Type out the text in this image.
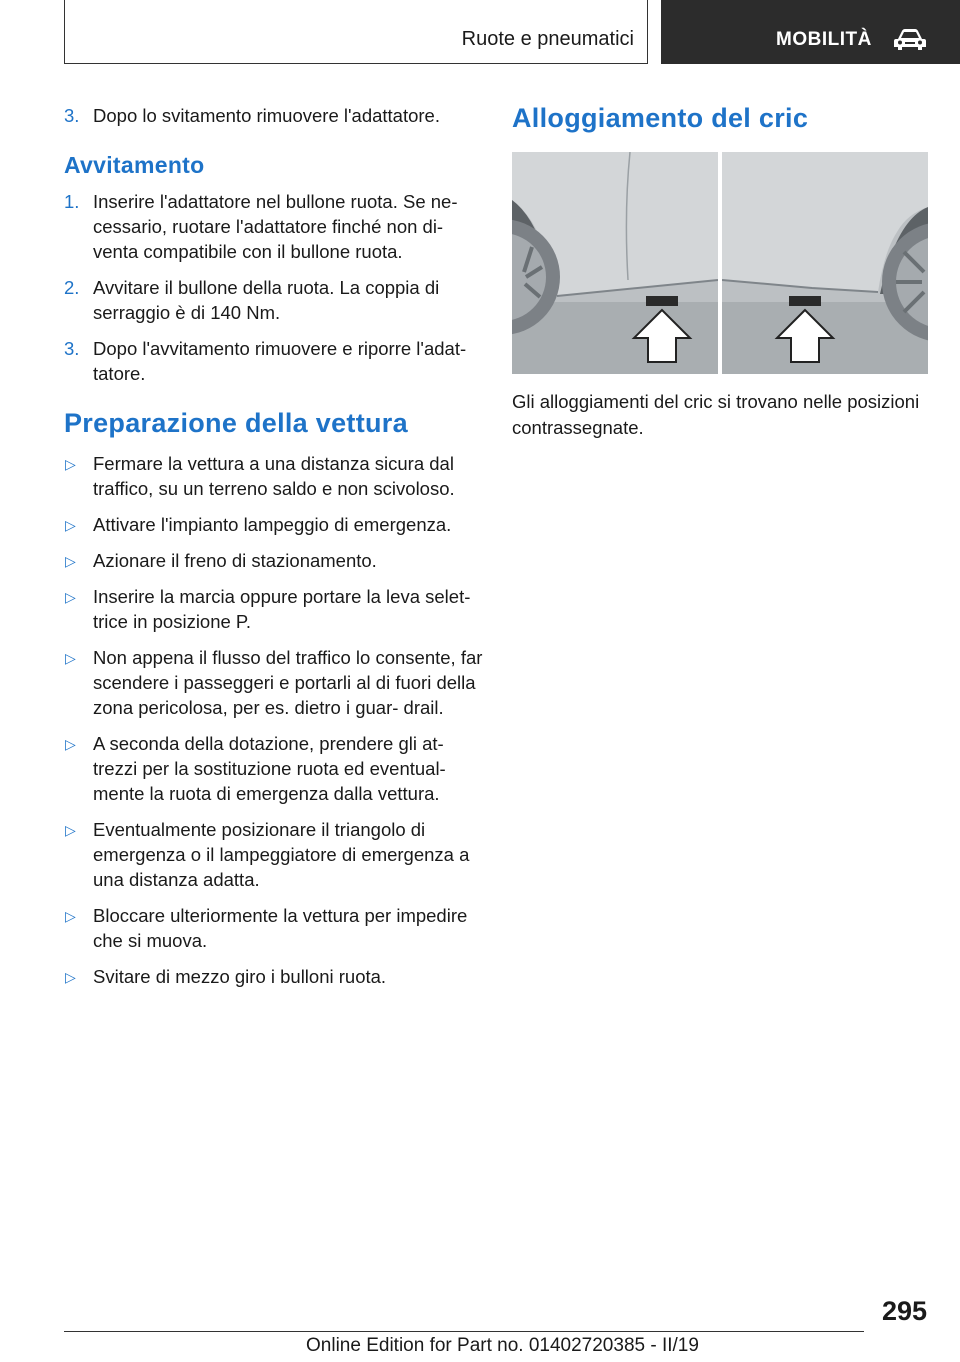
Ruote e pneumatici	MOBILITÀ
3. Dopo lo svitamento rimuovere l'adattatore.
Avvitamento
1. Inserire l'adattatore nel bullone ruota. Se ne- cessario, ruotare l'adattatore finché non di- venta compatibile con il bullone ruota.
2. Avvitare il bullone della ruota. La coppia di serraggio è di 140 Nm.
3. Dopo l'avvitamento rimuovere e riporre l'adat- tatore.
Preparazione della vettura
▷ Fermare la vettura a una distanza sicura dal traffico, su un terreno saldo e non scivoloso.
▷ Attivare l'impianto lampeggio di emergenza.
▷ Azionare il freno di stazionamento.
▷ Inserire la marcia oppure portare la leva selet- trice in posizione P.
▷ Non appena il flusso del traffico lo consente, far scendere i passeggeri e portarli al di fuori della zona pericolosa, per es. dietro i guar- drail.
▷ A seconda della dotazione, prendere gli at- trezzi per la sostituzione ruota ed eventual- mente la ruota di emergenza dalla vettura.
▷ Eventualmente posizionare il triangolo di emergenza o il lampeggiatore di emergenza a una distanza adatta.
▷ Bloccare ulteriormente la vettura per impedire che si muova.
▷ Svitare di mezzo giro i bulloni ruota.
Alloggiamento del cric
Gli alloggiamenti del cric si trovano nelle posizioni contrassegnate.
295
Online Edition for Part no. 01402720385 - II/19
